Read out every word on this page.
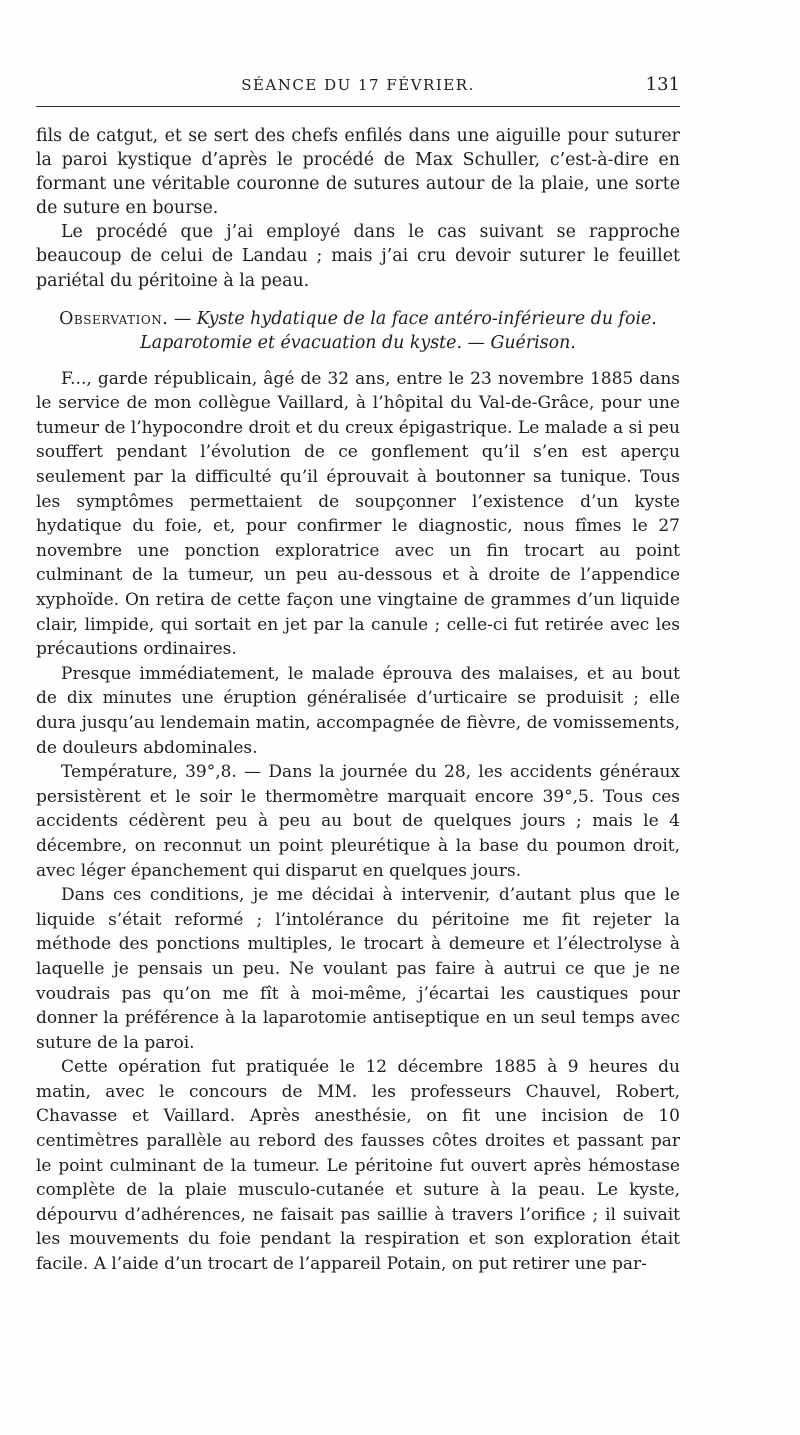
SÉANCE DU 17 FÉVRIER.	131

fils de catgut, et se sert des chefs enfilés dans une aiguille pour suturer la paroi kystique d’après le procédé de Max Schuller, c’est-à-dire en formant une véritable couronne de sutures autour de la plaie, une sorte de suture en bourse.

Le procédé que j’ai employé dans le cas suivant se rapproche beaucoup de celui de Landau ; mais j’ai cru devoir suturer le feuillet pariétal du péritoine à la peau.

Observation. — Kyste hydatique de la face antéro-inférieure du foie.
Laparotomie et évacuation du kyste. — Guérison.

F..., garde républicain, âgé de 32 ans, entre le 23 novembre 1885 dans le service de mon collègue Vaillard, à l’hôpital du Val-de-Grâce, pour une tumeur de l’hypocondre droit et du creux épigastrique. Le malade a si peu souffert pendant l’évolution de ce gonflement qu’il s’en est aperçu seulement par la difficulté qu’il éprouvait à boutonner sa tunique. Tous les symptômes permettaient de soupçonner l’existence d’un kyste hydatique du foie, et, pour confirmer le diagnostic, nous fîmes le 27 novembre une ponction exploratrice avec un fin trocart au point culminant de la tumeur, un peu au-dessous et à droite de l’appendice xyphoïde. On retira de cette façon une vingtaine de grammes d’un liquide clair, limpide, qui sortait en jet par la canule ; celle-ci fut retirée avec les précautions ordinaires.

Presque immédiatement, le malade éprouva des malaises, et au bout de dix minutes une éruption généralisée d’urticaire se produisit ; elle dura jusqu’au lendemain matin, accompagnée de fièvre, de vomissements, de douleurs abdominales.

Température, 39°,8. — Dans la journée du 28, les accidents généraux persistèrent et le soir le thermomètre marquait encore 39°,5. Tous ces accidents cédèrent peu à peu au bout de quelques jours ; mais le 4 décembre, on reconnut un point pleurétique à la base du poumon droit, avec léger épanchement qui disparut en quelques jours.

Dans ces conditions, je me décidai à intervenir, d’autant plus que le liquide s’était reformé ; l’intolérance du péritoine me fit rejeter la méthode des ponctions multiples, le trocart à demeure et l’électrolyse à laquelle je pensais un peu. Ne voulant pas faire à autrui ce que je ne voudrais pas qu’on me fît à moi-même, j’écartai les caustiques pour donner la préférence à la laparotomie antiseptique en un seul temps avec suture de la paroi.

Cette opération fut pratiquée le 12 décembre 1885 à 9 heures du matin, avec le concours de MM. les professeurs Chauvel, Robert, Chavasse et Vaillard. Après anesthésie, on fit une incision de 10 centimètres parallèle au rebord des fausses côtes droites et passant par le point culminant de la tumeur. Le péritoine fut ouvert après hémostase complète de la plaie musculo-cutanée et suture à la peau. Le kyste, dépourvu d’adhérences, ne faisait pas saillie à travers l’orifice ; il suivait les mouvements du foie pendant la respiration et son exploration était facile. A l’aide d’un trocart de l’appareil Potain, on put retirer une par-
